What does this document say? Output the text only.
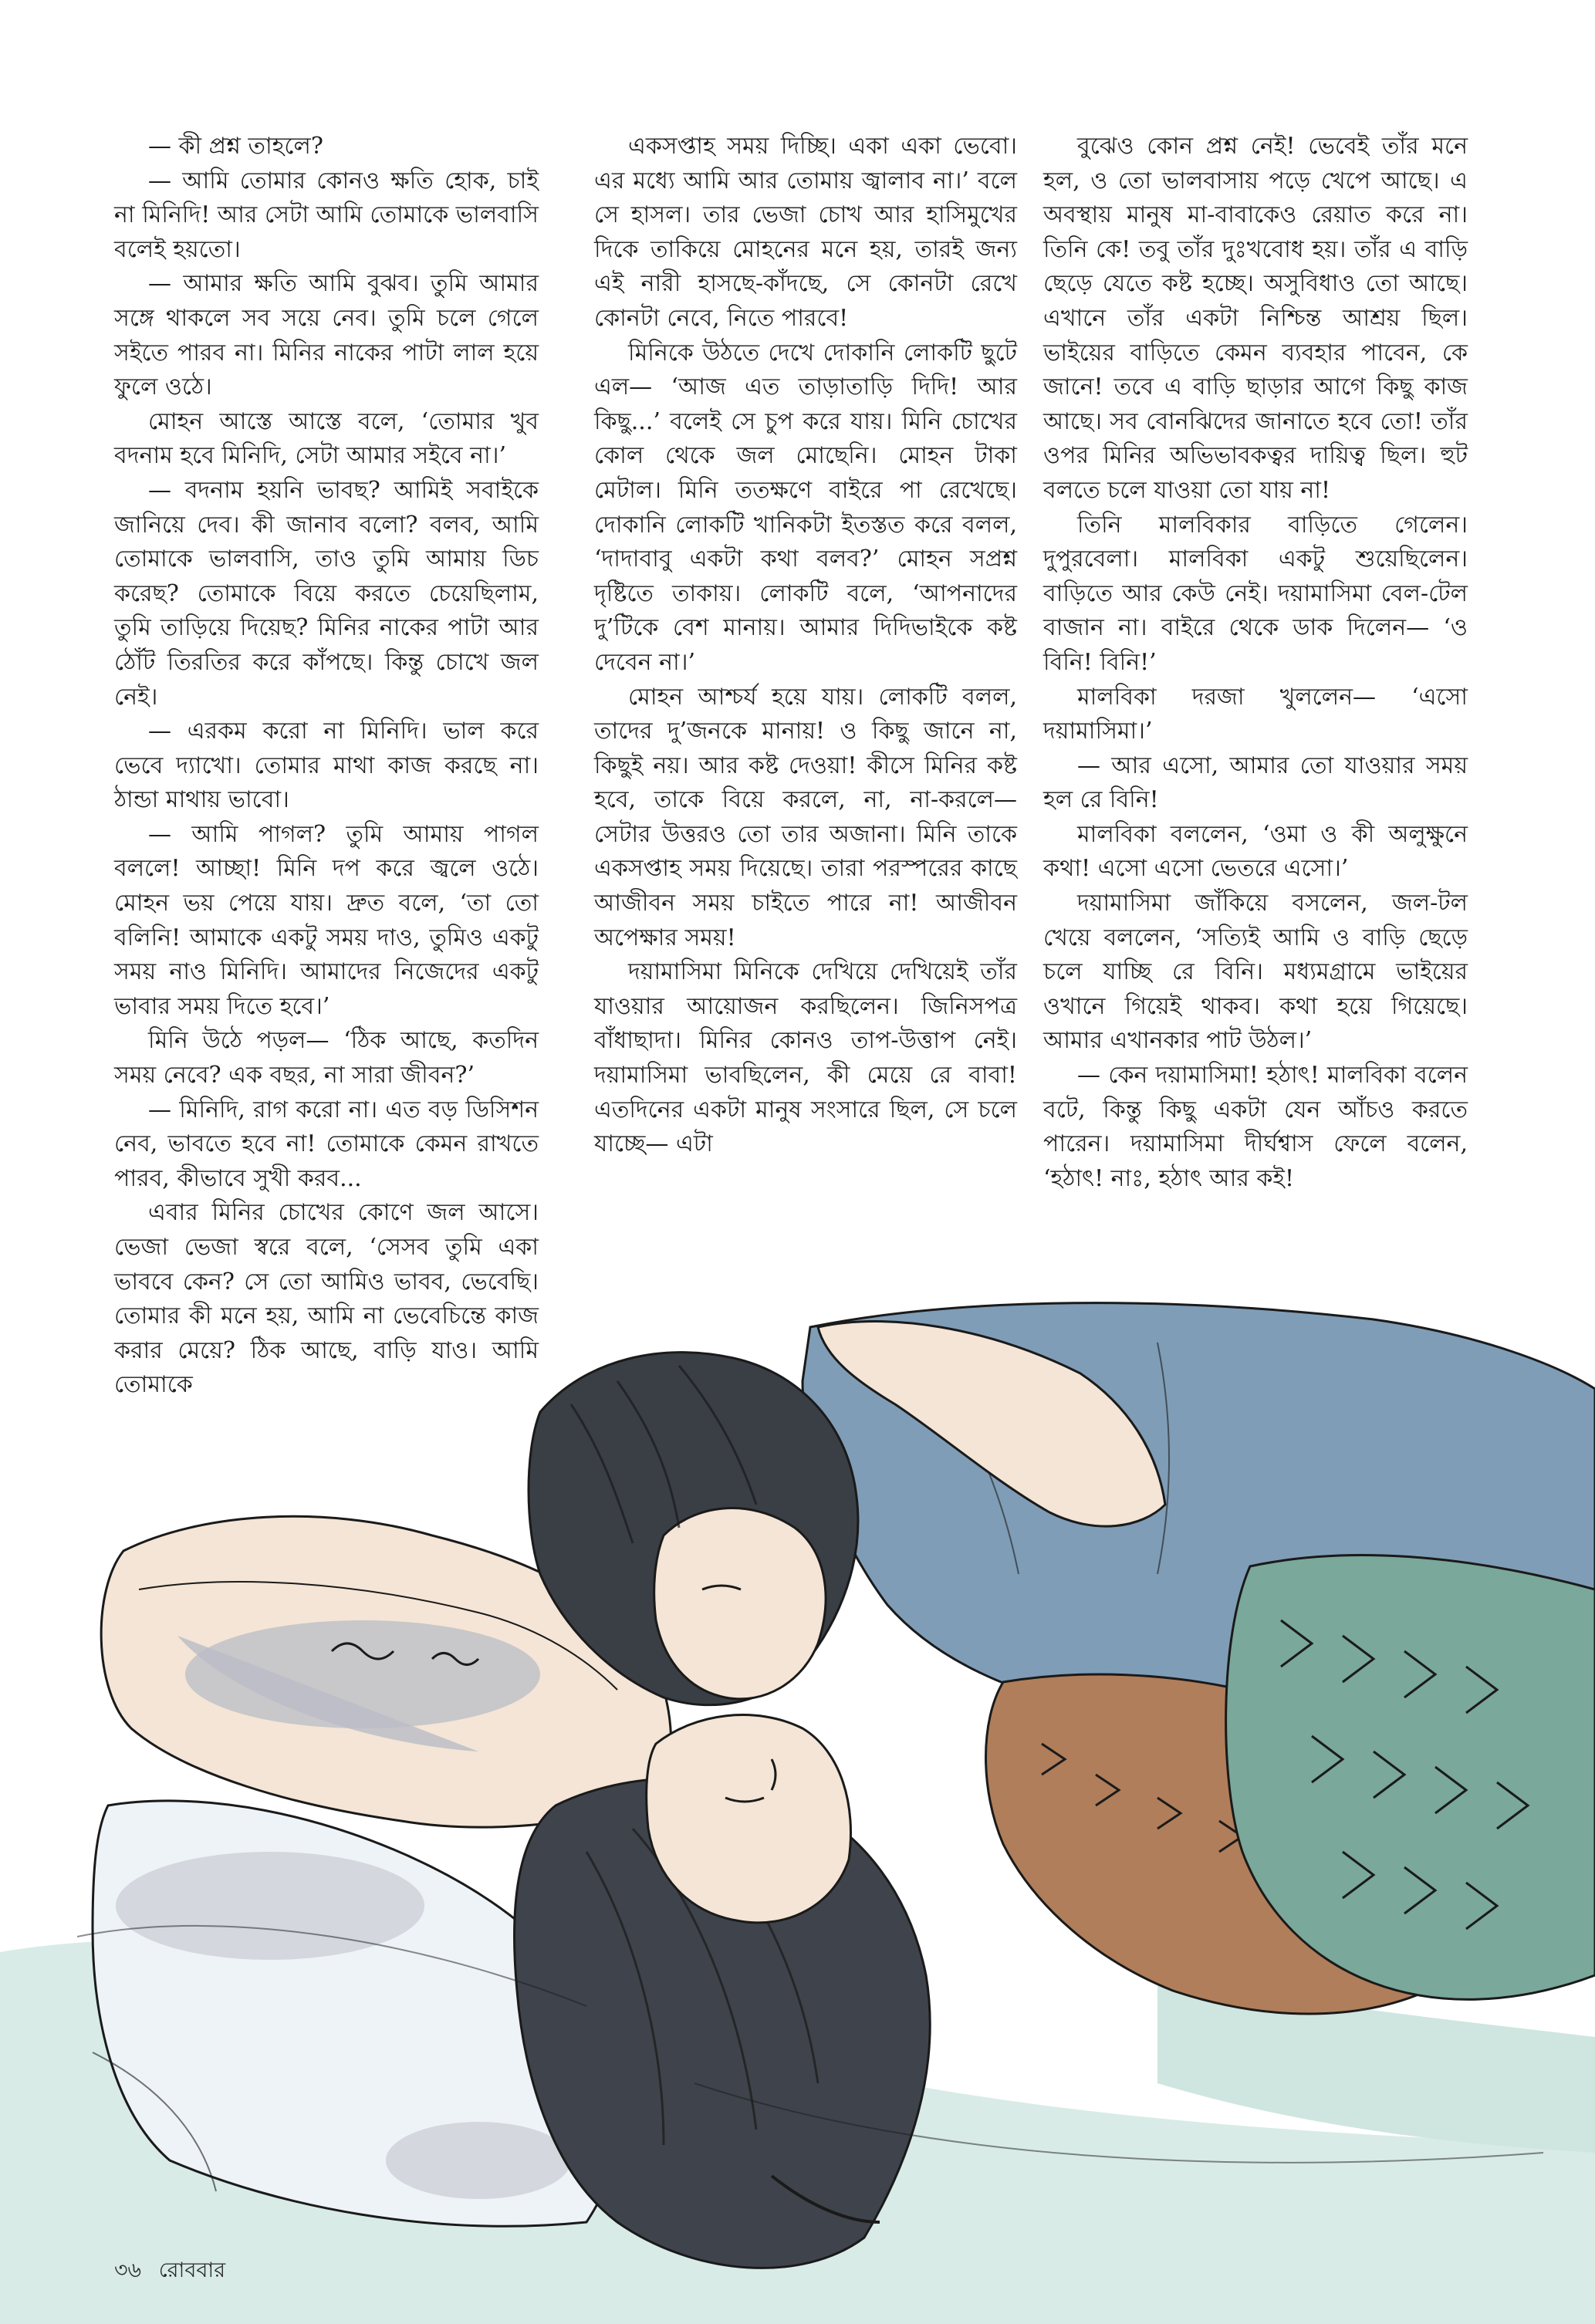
— কী প্রশ্ন তাহলে?

— আমি তোমার কোনও ক্ষতি হোক, চাই না মিনিদি! আর সেটা আমি তোমাকে ভালবাসি বলেই হয়তো।

— আমার ক্ষতি আমি বুঝব। তুমি আমার সঙ্গে থাকলে সব সয়ে নেব। তুমি চলে গেলে সইতে পারব না। মিনির নাকের পাটা লাল হয়ে ফুলে ওঠে।

মোহন আস্তে আস্তে বলে, ‘তোমার খুব বদনাম হবে মিনিদি, সেটা আমার সইবে না।’

— বদনাম হয়নি ভাবছ? আমিই সবাইকে জানিয়ে দেব। কী জানাব বলো? বলব, আমি তোমাকে ভালবাসি, তাও তুমি আমায় ডিচ করেছ? তোমাকে বিয়ে করতে চেয়েছিলাম, তুমি তাড়িয়ে দিয়েছ? মিনির নাকের পাটা আর ঠোঁট তিরতির করে কাঁপছে। কিন্তু চোখে জল নেই।

— এরকম করো না মিনিদি। ভাল করে ভেবে দ্যাখো। তোমার মাথা কাজ করছে না। ঠান্ডা মাথায় ভাবো।

— আমি পাগল? তুমি আমায় পাগল বললে! আচ্ছা! মিনি দপ করে জ্বলে ওঠে। মোহন ভয় পেয়ে যায়। দ্রুত বলে, ‘তা তো বলিনি! আমাকে একটু সময় দাও, তুমিও একটু সময় নাও মিনিদি। আমাদের নিজেদের একটু ভাবার সময় দিতে হবে।’

মিনি উঠে পড়ল— ‘ঠিক আছে, কতদিন সময় নেবে? এক বছর, না সারা জীবন?’

— মিনিদি, রাগ করো না। এত বড় ডিসিশন নেব, ভাবতে হবে না! তোমাকে কেমন রাখতে পারব, কীভাবে সুখী করব...

এবার মিনির চোখের কোণে জল আসে। ভেজা ভেজা স্বরে বলে, ‘সেসব তুমি একা ভাববে কেন? সে তো আমিও ভাবব, ভেবেছি। তোমার কী মনে হয়, আমি না ভেবেচিন্তে কাজ করার মেয়ে? ঠিক আছে, বাড়ি যাও। আমি তোমাকে

একসপ্তাহ সময় দিচ্ছি। একা একা ভেবো। এর মধ্যে আমি আর তোমায় জ্বালাব না।’ বলে সে হাসল। তার ভেজা চোখ আর হাসিমুখের দিকে তাকিয়ে মোহনের মনে হয়, তারই জন্য এই নারী হাসছে-কাঁদছে, সে কোনটা রেখে কোনটা নেবে, নিতে পারবে!

মিনিকে উঠতে দেখে দোকানি লোকটি ছুটে এল— ‘আজ এত তাড়াতাড়ি দিদি! আর কিছু...’ বলেই সে চুপ করে যায়। মিনি চোখের কোল থেকে জল মোছেনি। মোহন টাকা মেটাল। মিনি ততক্ষণে বাইরে পা রেখেছে। দোকানি লোকটি খানিকটা ইতস্তত করে বলল, ‘দাদাবাবু একটা কথা বলব?’ মোহন সপ্রশ্ন দৃষ্টিতে তাকায়। লোকটি বলে, ‘আপনাদের দু’টিকে বেশ মানায়। আমার দিদিভাইকে কষ্ট দেবেন না।’

মোহন আশ্চর্য হয়ে যায়। লোকটি বলল, তাদের দু’জনকে মানায়! ও কিছু জানে না, কিছুই নয়। আর কষ্ট দেওয়া! কীসে মিনির কষ্ট হবে, তাকে বিয়ে করলে, না, না-করলে— সেটার উত্তরও তো তার অজানা। মিনি তাকে একসপ্তাহ সময় দিয়েছে। তারা পরস্পরের কাছে আজীবন সময় চাইতে পারে না! আজীবন অপেক্ষার সময়!

দয়ামাসিমা মিনিকে দেখিয়ে দেখিয়েই তাঁর যাওয়ার আয়োজন করছিলেন। জিনিসপত্র বাঁধাছাদা। মিনির কোনও তাপ-উত্তাপ নেই। দয়ামাসিমা ভাবছিলেন, কী মেয়ে রে বাবা! এতদিনের একটা মানুষ সংসারে ছিল, সে চলে যাচ্ছে— এটা

বুঝেও কোন প্রশ্ন নেই! ভেবেই তাঁর মনে হল, ও তো ভালবাসায় পড়ে খেপে আছে। এ অবস্থায় মানুষ মা-বাবাকেও রেয়াত করে না। তিনি কে! তবু তাঁর দুঃখবোধ হয়। তাঁর এ বাড়ি ছেড়ে যেতে কষ্ট হচ্ছে। অসুবিধাও তো আছে। এখানে তাঁর একটা নিশ্চিন্ত আশ্রয় ছিল। ভাইয়ের বাড়িতে কেমন ব্যবহার পাবেন, কে জানে! তবে এ বাড়ি ছাড়ার আগে কিছু কাজ আছে। সব বোনঝিদের জানাতে হবে তো! তাঁর ওপর মিনির অভিভাবকত্বর দায়িত্ব ছিল। হুট বলতে চলে যাওয়া তো যায় না!

তিনি মালবিকার বাড়িতে গেলেন। দুপুরবেলা। মালবিকা একটু শুয়েছিলেন। বাড়িতে আর কেউ নেই। দয়ামাসিমা বেল-টেল বাজান না। বাইরে থেকে ডাক দিলেন— ‘ও বিনি! বিনি!’

মালবিকা দরজা খুললেন— ‘এসো দয়ামাসিমা।’

— আর এসো, আমার তো যাওয়ার সময় হল রে বিনি!

মালবিকা বললেন, ‘ওমা ও কী অলুক্ষুনে কথা! এসো এসো ভেতরে এসো।’

দয়ামাসিমা জাঁকিয়ে বসলেন, জল-টল খেয়ে বললেন, ‘সত্যিই আমি ও বাড়ি ছেড়ে চলে যাচ্ছি রে বিনি। মধ্যমগ্রামে ভাইয়ের ওখানে গিয়েই থাকব। কথা হয়ে গিয়েছে। আমার এখানকার পাট উঠল।’

— কেন দয়ামাসিমা! হঠাৎ! মালবিকা বলেন বটে, কিন্তু কিছু একটা যেন আঁচও করতে পারেন। দয়ামাসিমা দীর্ঘশ্বাস ফেলে বলেন, ‘হঠাৎ! নাঃ, হঠাৎ আর কই!

৩৬ রোববার
